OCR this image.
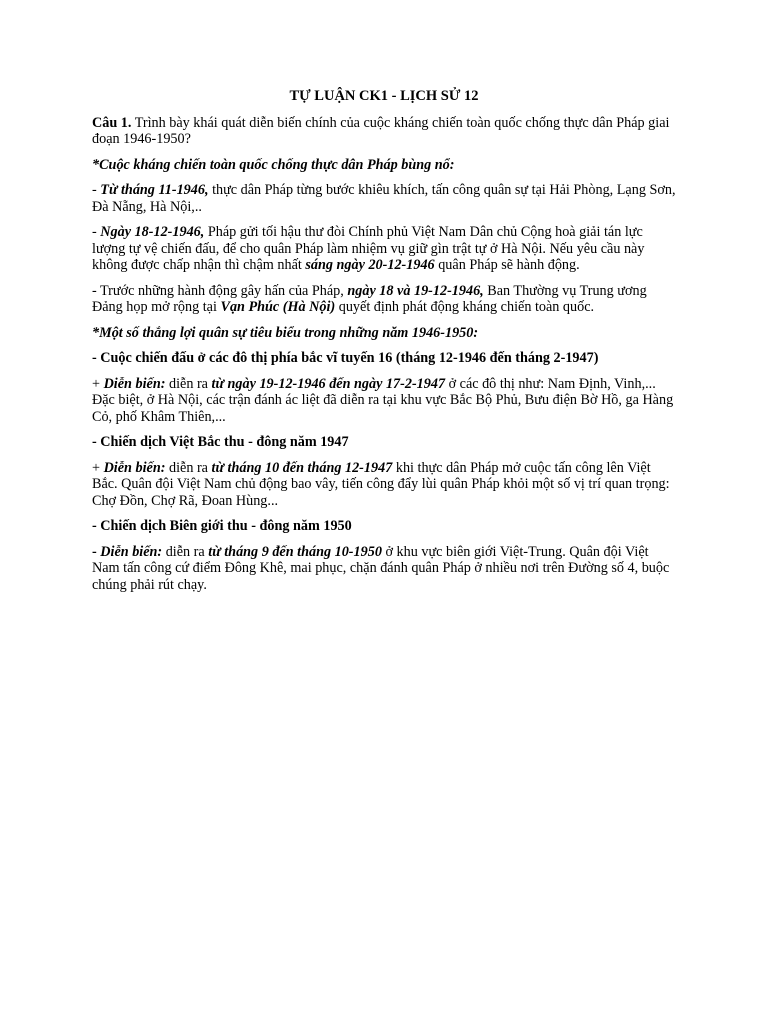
TỰ LUẬN CK1 - LỊCH SỬ 12

Câu 1. Trình bày khái quát diễn biến chính của cuộc kháng chiến toàn quốc chống thực dân Pháp giai đoạn 1946-1950?

*Cuộc kháng chiến toàn quốc chống thực dân Pháp bùng nổ:

- Từ tháng 11-1946, thực dân Pháp từng bước khiêu khích, tấn công quân sự tại Hải Phòng, Lạng Sơn, Đà Nẵng, Hà Nội,..

- Ngày 18-12-1946, Pháp gửi tối hậu thư đòi Chính phủ Việt Nam Dân chủ Cộng hoà giải tán lực lượng tự vệ chiến đấu, để cho quân Pháp làm nhiệm vụ giữ gìn trật tự ở Hà Nội. Nếu yêu cầu này không được chấp nhận thì chậm nhất sáng ngày 20-12-1946 quân Pháp sẽ hành động.

- Trước những hành động gây hấn của Pháp, ngày 18 và 19-12-1946, Ban Thường vụ Trung ương Đảng họp mở rộng tại Vạn Phúc (Hà Nội) quyết định phát động kháng chiến toàn quốc.

*Một số thắng lợi quân sự tiêu biểu trong những năm 1946-1950:

- Cuộc chiến đấu ở các đô thị phía bắc vĩ tuyến 16 (tháng 12-1946 đến tháng 2-1947)

+ Diễn biến: diễn ra từ ngày 19-12-1946 đến ngày 17-2-1947 ở các đô thị như: Nam Định, Vinh,... Đặc biệt, ở Hà Nội, các trận đánh ác liệt đã diễn ra tại khu vực Bắc Bộ Phủ, Bưu điện Bờ Hồ, ga Hàng Cỏ, phố Khâm Thiên,...

- Chiến dịch Việt Bắc thu - đông năm 1947

+ Diễn biến: diễn ra từ tháng 10 đến tháng 12-1947 khi thực dân Pháp mở cuộc tấn công lên Việt Bắc. Quân đội Việt Nam chủ động bao vây, tiến công đẩy lùi quân Pháp khỏi một số vị trí quan trọng: Chợ Đồn, Chợ Rã, Đoan Hùng...

- Chiến dịch Biên giới thu - đông năm 1950

- Diễn biến: diễn ra từ tháng 9 đến tháng 10-1950 ở khu vực biên giới Việt-Trung. Quân đội Việt Nam tấn công cứ điểm Đông Khê, mai phục, chặn đánh quân Pháp ở nhiều nơi trên Đường số 4, buộc chúng phải rút chạy.
